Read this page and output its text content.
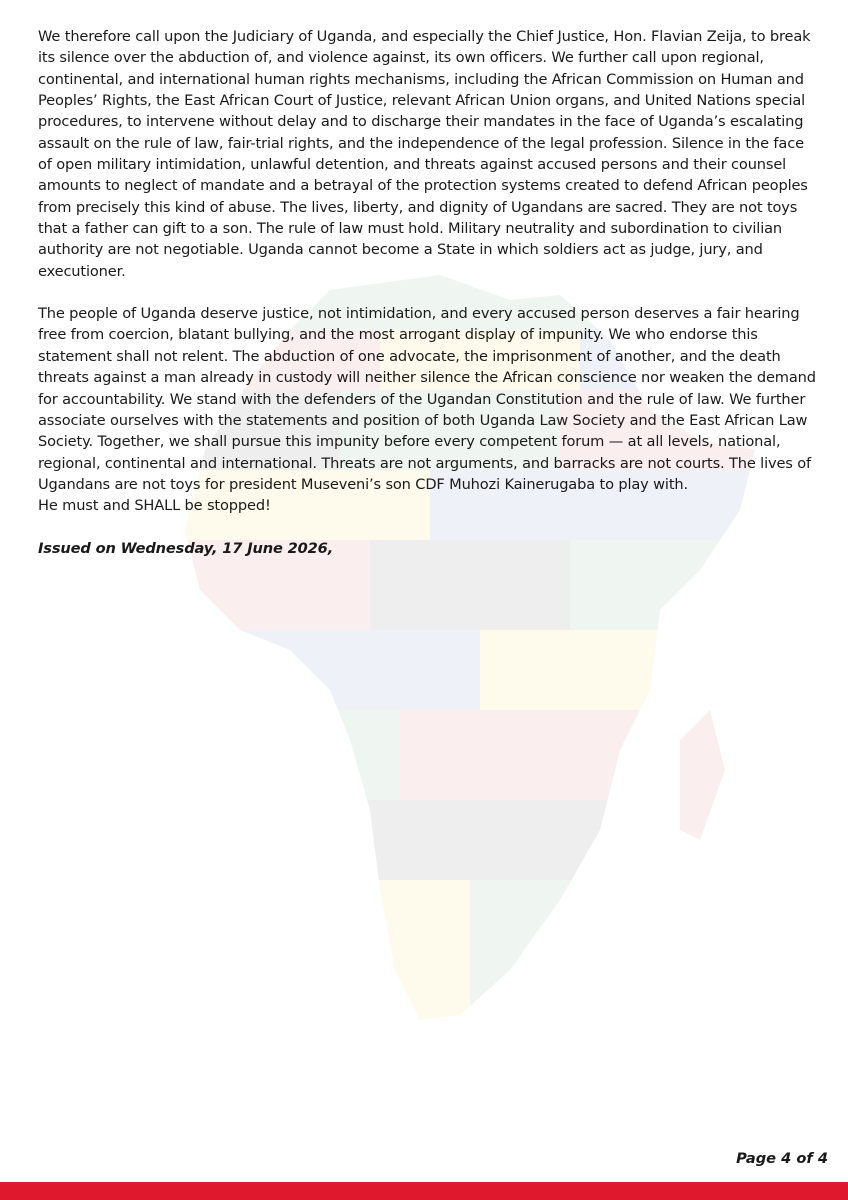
We therefore call upon the Judiciary of Uganda, and especially the Chief Justice, Hon. Flavian Zeija, to break its silence over the abduction of, and violence against, its own officers. We further call upon regional, continental, and international human rights mechanisms, including the African Commission on Human and Peoples’ Rights, the East African Court of Justice, relevant African Union organs, and United Nations special procedures, to intervene without delay and to discharge their mandates in the face of Uganda’s escalating assault on the rule of law, fair-trial rights, and the independence of the legal profession. Silence in the face of open military intimidation, unlawful detention, and threats against accused persons and their counsel amounts to neglect of mandate and a betrayal of the protection systems created to defend African peoples from precisely this kind of abuse. The lives, liberty, and dignity of Ugandans are sacred. They are not toys that a father can gift to a son. The rule of law must hold. Military neutrality and subordination to civilian authority are not negotiable. Uganda cannot become a State in which soldiers act as judge, jury, and executioner.

The people of Uganda deserve justice, not intimidation, and every accused person deserves a fair hearing free from coercion, blatant bullying, and the most arrogant display of impunity. We who endorse this statement shall not relent. The abduction of one advocate, the imprisonment of another, and the death threats against a man already in custody will neither silence the African conscience nor weaken the demand for accountability. We stand with the defenders of the Ugandan Constitution and the rule of law. We further associate ourselves with the statements and position of both Uganda Law Society and the East African Law Society. Together, we shall pursue this impunity before every competent forum — at all levels, national, regional, continental and international. Threats are not arguments, and barracks are not courts. The lives of Ugandans are not toys for president Museveni’s son CDF Muhozi Kainerugaba to play with.
He must and SHALL be stopped!

Issued on Wednesday, 17 June 2026,

Page 4 of 4
